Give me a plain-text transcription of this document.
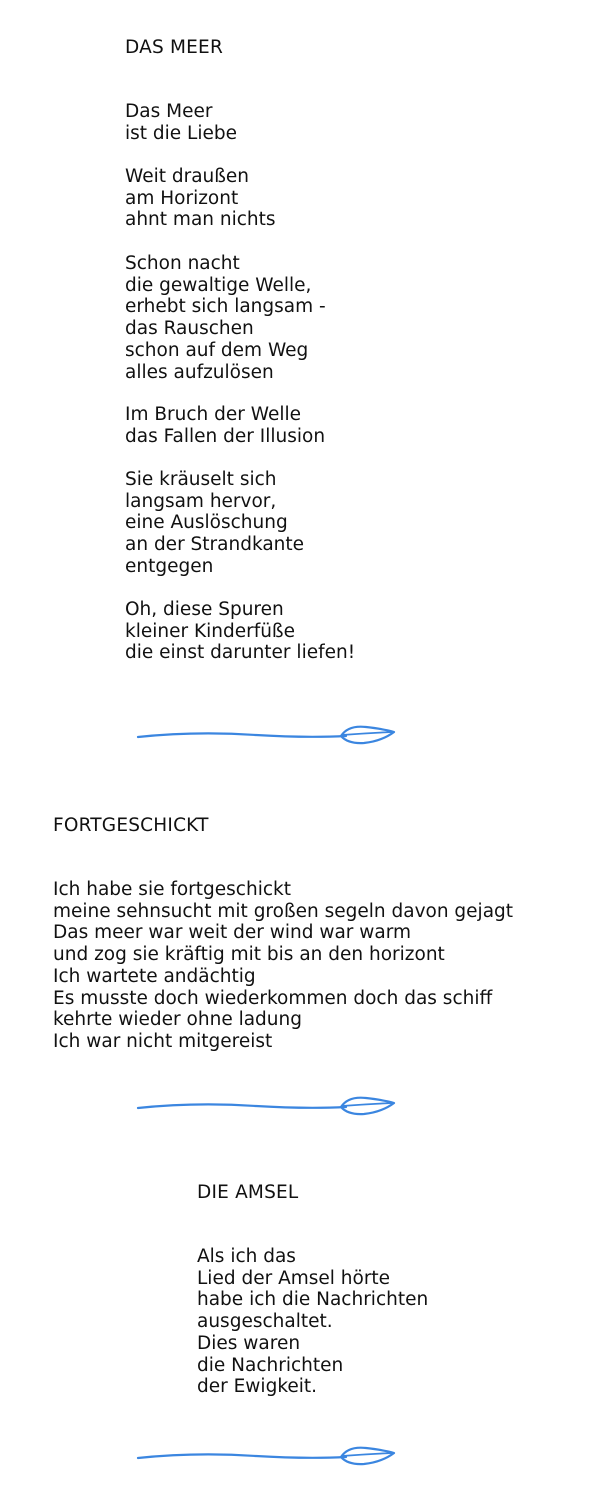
DAS MEER
Das Meer
ist die Liebe
Weit draußen
am Horizont
ahnt man nichts
Schon nacht
die gewaltige Welle,
erhebt sich langsam -
das Rauschen
schon auf dem Weg
alles aufzulösen
Im Bruch der Welle
das Fallen der Illusion
Sie kräuselt sich
langsam hervor,
eine Auslöschung
an der Strandkante
entgegen
Oh, diese Spuren
kleiner Kinderfüße
die einst darunter liefen!
FORTGESCHICKT
Ich habe sie fortgeschickt
meine sehnsucht mit großen segeln davon gejagt
Das meer war weit der wind war warm
und zog sie kräftig mit bis an den horizont
Ich wartete andächtig
Es musste doch wiederkommen doch das schiff
kehrte wieder ohne ladung
Ich war nicht mitgereist
DIE AMSEL
Als ich das
Lied der Amsel hörte
habe ich die Nachrichten
ausgeschaltet.
Dies waren
die Nachrichten
der Ewigkeit.
